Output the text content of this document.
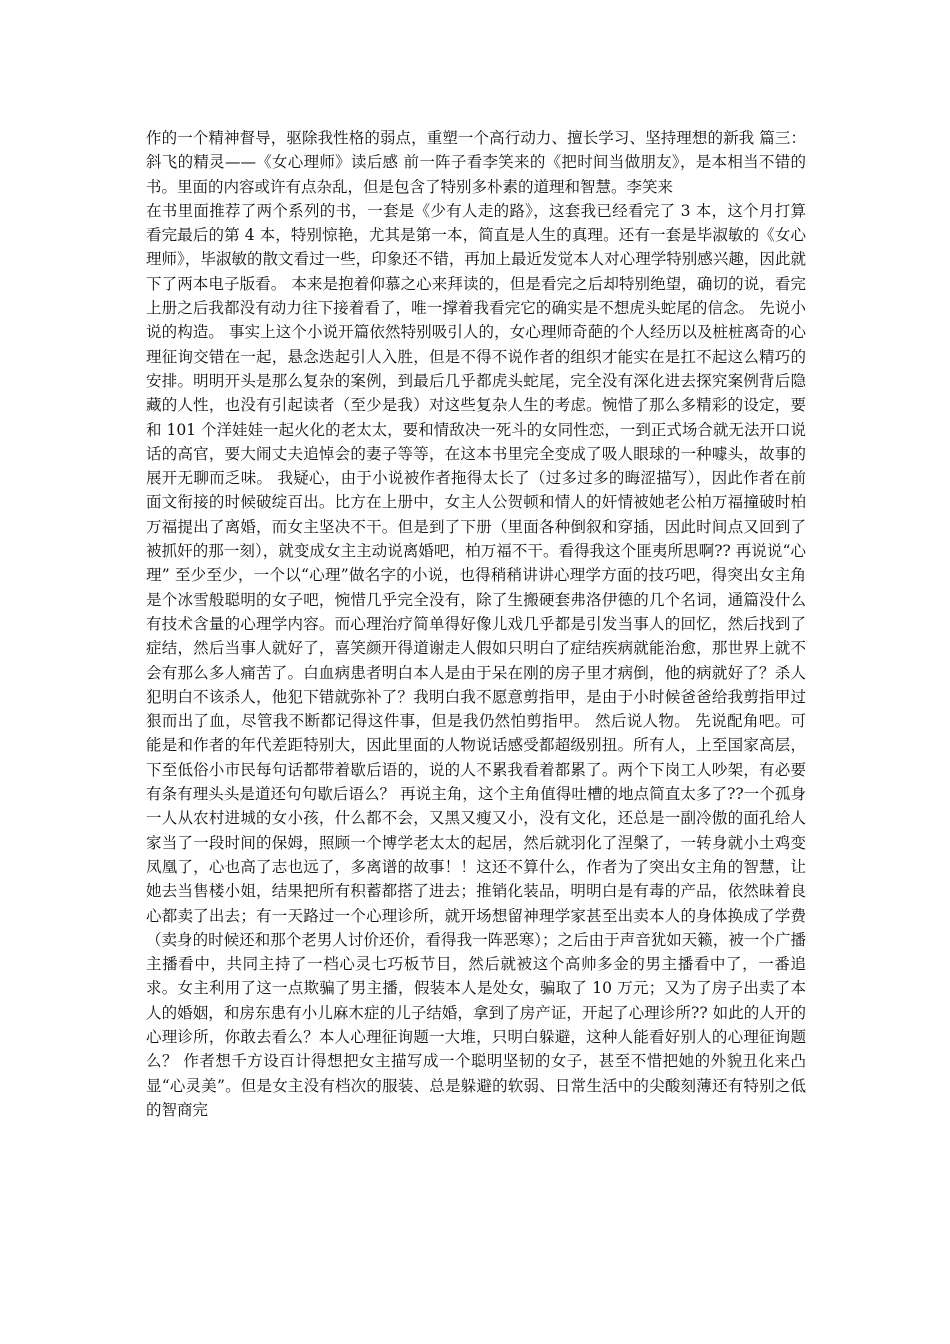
作的一个精神督导，驱除我性格的弱点，重塑一个高行动力、擅长学习、坚持理想的新我 篇三：斜飞的精灵——《女心理师》读后感 前一阵子看李笑来的《把时间当做朋友》，是本相当不错的书。里面的内容或许有点杂乱，但是包含了特别多朴素的道理和智慧。李笑来

在书里面推荐了两个系列的书，一套是《少有人走的路》，这套我已经看完了 3 本，这个月打算看完最后的第 4 本，特别惊艳，尤其是第一本，简直是人生的真理。还有一套是毕淑敏的《女心理师》，毕淑敏的散文看过一些，印象还不错，再加上最近发觉本人对心理学特别感兴趣，因此就下了两本电子版看。 本来是抱着仰慕之心来拜读的，但是看完之后却特别绝望，确切的说，看完上册之后我都没有动力往下接着看了，唯一撑着我看完它的确实是不想虎头蛇尾的信念。 先说小说的构造。 事实上这个小说开篇依然特别吸引人的，女心理师奇葩的个人经历以及桩桩离奇的心理征询交错在一起，悬念迭起引人入胜，但是不得不说作者的组织才能实在是扛不起这么精巧的安排。明明开头是那么复杂的案例，到最后几乎都虎头蛇尾，完全没有深化进去探究案例背后隐藏的人性，也没有引起读者（至少是我）对这些复杂人生的考虑。惋惜了那么多精彩的设定，要和 101 个洋娃娃一起火化的老太太，要和情敌决一死斗的女同性恋，一到正式场合就无法开口说话的高官，要大闹丈夫追悼会的妻子等等，在这本书里完全变成了吸人眼球的一种噱头，故事的展开无聊而乏味。 我疑心，由于小说被作者拖得太长了（过多过多的晦涩描写），因此作者在前面文衔接的时候破绽百出。比方在上册中，女主人公贺顿和情人的奸情被她老公柏万福撞破时柏万福提出了离婚，而女主坚决不干。但是到了下册（里面各种倒叙和穿插，因此时间点又回到了被抓奸的那一刻），就变成女主主动说离婚吧，柏万福不干。看得我这个匪夷所思啊?? 再说说“心理” 至少至少，一个以“心理”做名字的小说，也得稍稍讲讲心理学方面的技巧吧，得突出女主角是个冰雪般聪明的女子吧，惋惜几乎完全没有，除了生搬硬套弗洛伊德的几个名词，通篇没什么有技术含量的心理学内容。而心理治疗简单得好像儿戏几乎都是引发当事人的回忆，然后找到了症结，然后当事人就好了，喜笑颜开得道谢走人假如只明白了症结疾病就能治愈，那世界上就不会有那么多人痛苦了。白血病患者明白本人是由于呆在刚的房子里才病倒，他的病就好了？杀人犯明白不该杀人，他犯下错就弥补了？我明白我不愿意剪指甲，是由于小时候爸爸给我剪指甲过狠而出了血，尽管我不断都记得这件事，但是我仍然怕剪指甲。 然后说人物。 先说配角吧。可能是和作者的年代差距特别大，因此里面的人物说话感受都超级别扭。所有人，上至国家高层，下至低俗小市民每句话都带着歇后语的，说的人不累我看着都累了。两个下岗工人吵架，有必要有条有理头头是道还句句歇后语么？ 再说主角，这个主角值得吐槽的地点简直太多了??一个孤身一人从农村进城的女小孩，什么都不会，又黑又瘦又小，没有文化，还总是一副冷傲的面孔给人家当了一段时间的保姆，照顾一个博学老太太的起居，然后就羽化了涅槃了，一转身就小土鸡变凤凰了，心也高了志也远了，多离谱的故事！！这还不算什么，作者为了突出女主角的智慧，让她去当售楼小姐，结果把所有积蓄都搭了进去；推销化装品，明明白是有毒的产品，依然昧着良心都卖了出去；有一天路过一个心理诊所，就开场想留神理学家甚至出卖本人的身体换成了学费（卖身的时候还和那个老男人讨价还价，看得我一阵恶寒）；之后由于声音犹如天籁，被一个广播主播看中，共同主持了一档心灵七巧板节目，然后就被这个高帅多金的男主播看中了，一番追求。女主利用了这一点欺骗了男主播，假装本人是处女，骗取了 10 万元；又为了房子出卖了本人的婚姻，和房东患有小儿麻木症的儿子结婚，拿到了房产证，开起了心理诊所?? 如此的人开的心理诊所，你敢去看么？本人心理征询题一大堆，只明白躲避，这种人能看好别人的心理征询题么？ 作者想千方设百计得想把女主描写成一个聪明坚韧的女子，甚至不惜把她的外貌丑化来凸显“心灵美”。但是女主没有档次的服装、总是躲避的软弱、日常生活中的尖酸刻薄还有特别之低的智商完
